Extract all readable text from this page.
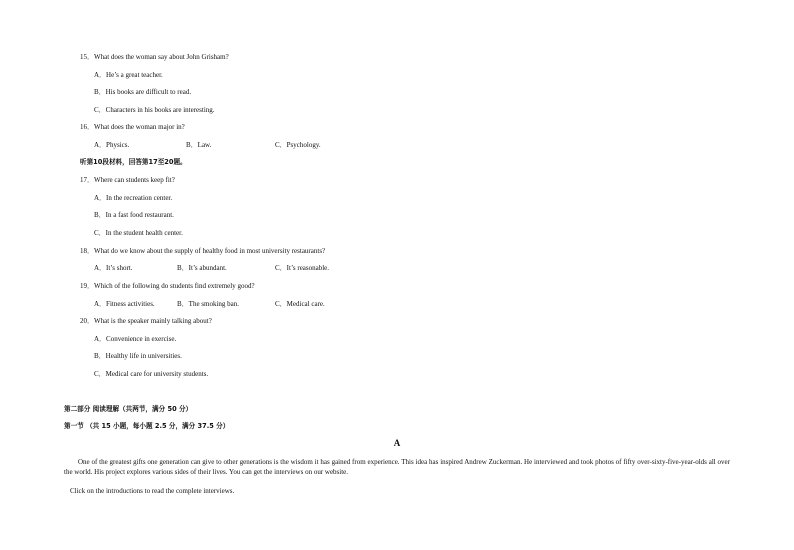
15．What does the woman say about John Grisham?
A．He’s a great teacher.
B．His books are difficult to read.
C．Characters in his books are interesting.
16．What does the woman major in?
A．Physics.	B．Law.	C．Psychology.
听第10段材料，回答第17至20题。
17．Where can students keep fit?
A．In the recreation center.
B．In a fast food restaurant.
C．In the student health center.
18．What do we know about the supply of healthy food in most university restaurants?
A．It’s short.	B．It’s abundant.	C．It’s reasonable.
19．Which of the following do students find extremely good?
A．Fitness activities.	B．The smoking ban.	C．Medical care.
20．What is the speaker mainly talking about?
A．Convenience in exercise.
B．Healthy life in universities.
C．Medical care for university students.
第二部分 阅读理解（共两节，满分 50 分）
第一节 （共 15 小题，每小题 2.5 分，满分 37.5 分）
A
One of the greatest gifts one generation can give to other generations is the wisdom it has gained from experience. This idea has inspired Andrew Zuckerman. He interviewed and took photos of fifty over-sixty-five-year-olds all over the world. His project explores various sides of their lives. You can get the interviews on our website.
Click on the introductions to read the complete interviews.
